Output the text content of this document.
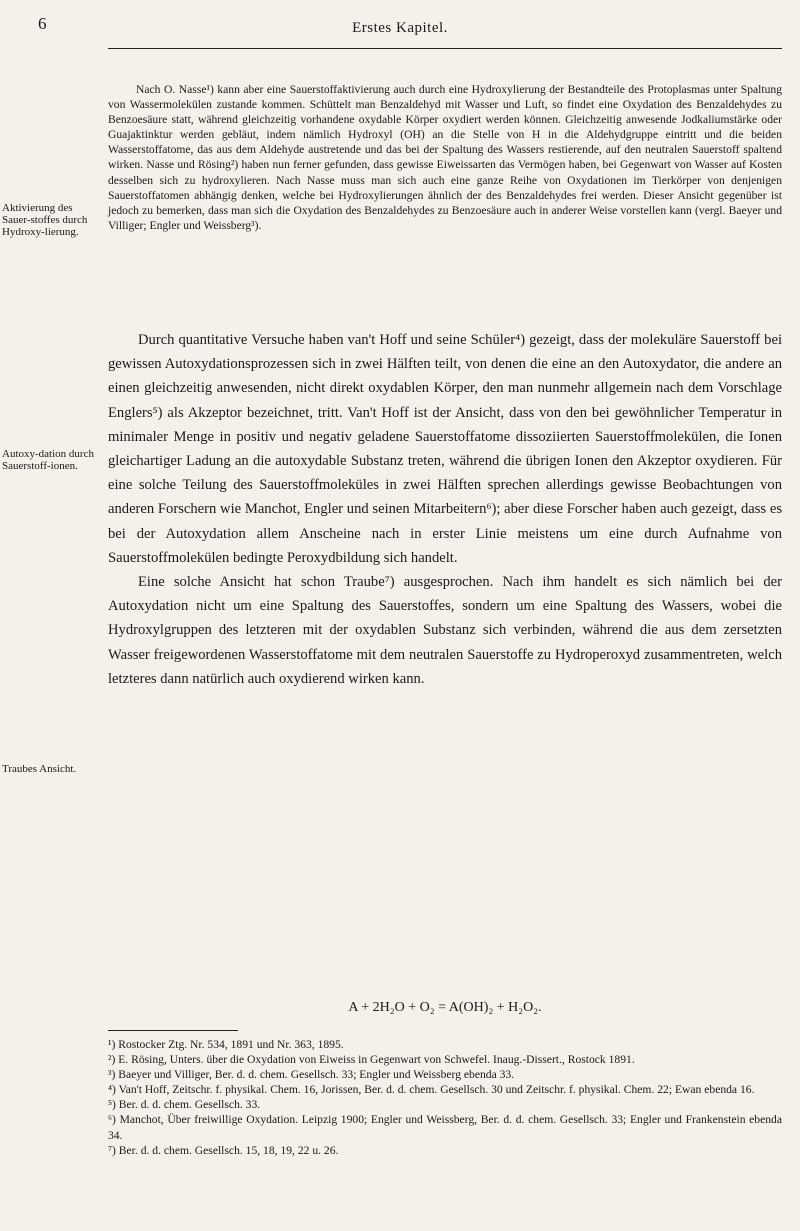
6	Erstes Kapitel.
Aktivierung des Sauer-stoffes durch Hydroxy-lierung.
Autoxy-dation durch Sauerstoff-ionen.
Traubes Ansicht.

Nach O. Nasse¹) kann aber eine Sauerstoffaktivierung auch durch eine Hydroxylierung der Bestandteile des Protoplasmas unter Spaltung von Wassermolekülen zustande kommen. Schüttelt man Benzaldehyd mit Wasser und Luft, so findet eine Oxydation des Benzaldehydes zu Benzoesäure statt, während gleichzeitig vorhandene oxydable Körper oxydiert werden können. Gleichzeitig anwesende Jodkaliumstärke oder Guajaktinktur werden gebläut, indem nämlich Hydroxyl (OH) an die Stelle von H in die Aldehydgruppe eintritt und die beiden Wasserstoffatome, das aus dem Aldehyde austretende und das bei der Spaltung des Wassers restierende, auf den neutralen Sauerstoff spaltend wirken. Nasse und Rösing²) haben nun ferner gefunden, dass gewisse Eiweissarten das Vermögen haben, bei Gegenwart von Wasser auf Kosten desselben sich zu hydroxylieren. Nach Nasse muss man sich auch eine ganze Reihe von Oxydationen im Tierkörper von denjenigen Sauerstoffatomen abhängig denken, welche bei Hydroxylierungen ähnlich der des Benzaldehydes frei werden. Dieser Ansicht gegenüber ist jedoch zu bemerken, dass man sich die Oxydation des Benzaldehydes zu Benzoesäure auch in anderer Weise vorstellen kann (vergl. Baeyer und Villiger; Engler und Weissberg³).

Durch quantitative Versuche haben van't Hoff und seine Schüler⁴) gezeigt, dass der molekuläre Sauerstoff bei gewissen Autoxydationsprozessen sich in zwei Hälften teilt, von denen die eine an den Autoxydator, die andere an einen gleichzeitig anwesenden, nicht direkt oxydablen Körper, den man nunmehr allgemein nach dem Vorschlage Englers⁵) als Akzeptor bezeichnet, tritt. Van't Hoff ist der Ansicht, dass von den bei gewöhnlicher Temperatur in minimaler Menge in positiv und negativ geladene Sauerstoffatome dissoziierten Sauerstoffmolekülen, die Ionen gleichartiger Ladung an die autoxydable Substanz treten, während die übrigen Ionen den Akzeptor oxydieren. Für eine solche Teilung des Sauerstoffmoleküles in zwei Hälften sprechen allerdings gewisse Beobachtungen von anderen Forschern wie Manchot, Engler und seinen Mitarbeitern⁶); aber diese Forscher haben auch gezeigt, dass es bei der Autoxydation allem Anscheine nach in erster Linie meistens um eine durch Aufnahme von Sauerstoffmolekülen bedingte Peroxydbildung sich handelt.

Eine solche Ansicht hat schon Traube⁷) ausgesprochen. Nach ihm handelt es sich nämlich bei der Autoxydation nicht um eine Spaltung des Sauerstoffes, sondern um eine Spaltung des Wassers, wobei die Hydroxylgruppen des letzteren mit der oxydablen Substanz sich verbinden, während die aus dem zersetzten Wasser freigewordenen Wasserstoffatome mit dem neutralen Sauerstoffe zu Hydroperoxyd zusammentreten, welch letzteres dann natürlich auch oxydierend wirken kann.

A + 2H₂O + O₂ = A(OH)₂ + H₂O₂.
¹) Rostocker Ztg. Nr. 534, 1891 und Nr. 363, 1895.
²) E. Rösing, Unters. über die Oxydation von Eiweiss in Gegenwart von Schwefel. Inaug.-Dissert., Rostock 1891.
³) Baeyer und Villiger, Ber. d. d. chem. Gesellsch. 33; Engler und Weissberg ebenda 33.
⁴) Van't Hoff, Zeitschr. f. physikal. Chem. 16, Jorissen, Ber. d. d. chem. Gesellsch. 30 und Zeitschr. f. physikal. Chem. 22; Ewan ebenda 16.
⁵) Ber. d. d. chem. Gesellsch. 33.
⁶) Manchot, Über freiwillige Oxydation. Leipzig 1900; Engler und Weissberg, Ber. d. d. chem. Gesellsch. 33; Engler und Frankenstein ebenda 34.
⁷) Ber. d. d. chem. Gesellsch. 15, 18, 19, 22 u. 26.
